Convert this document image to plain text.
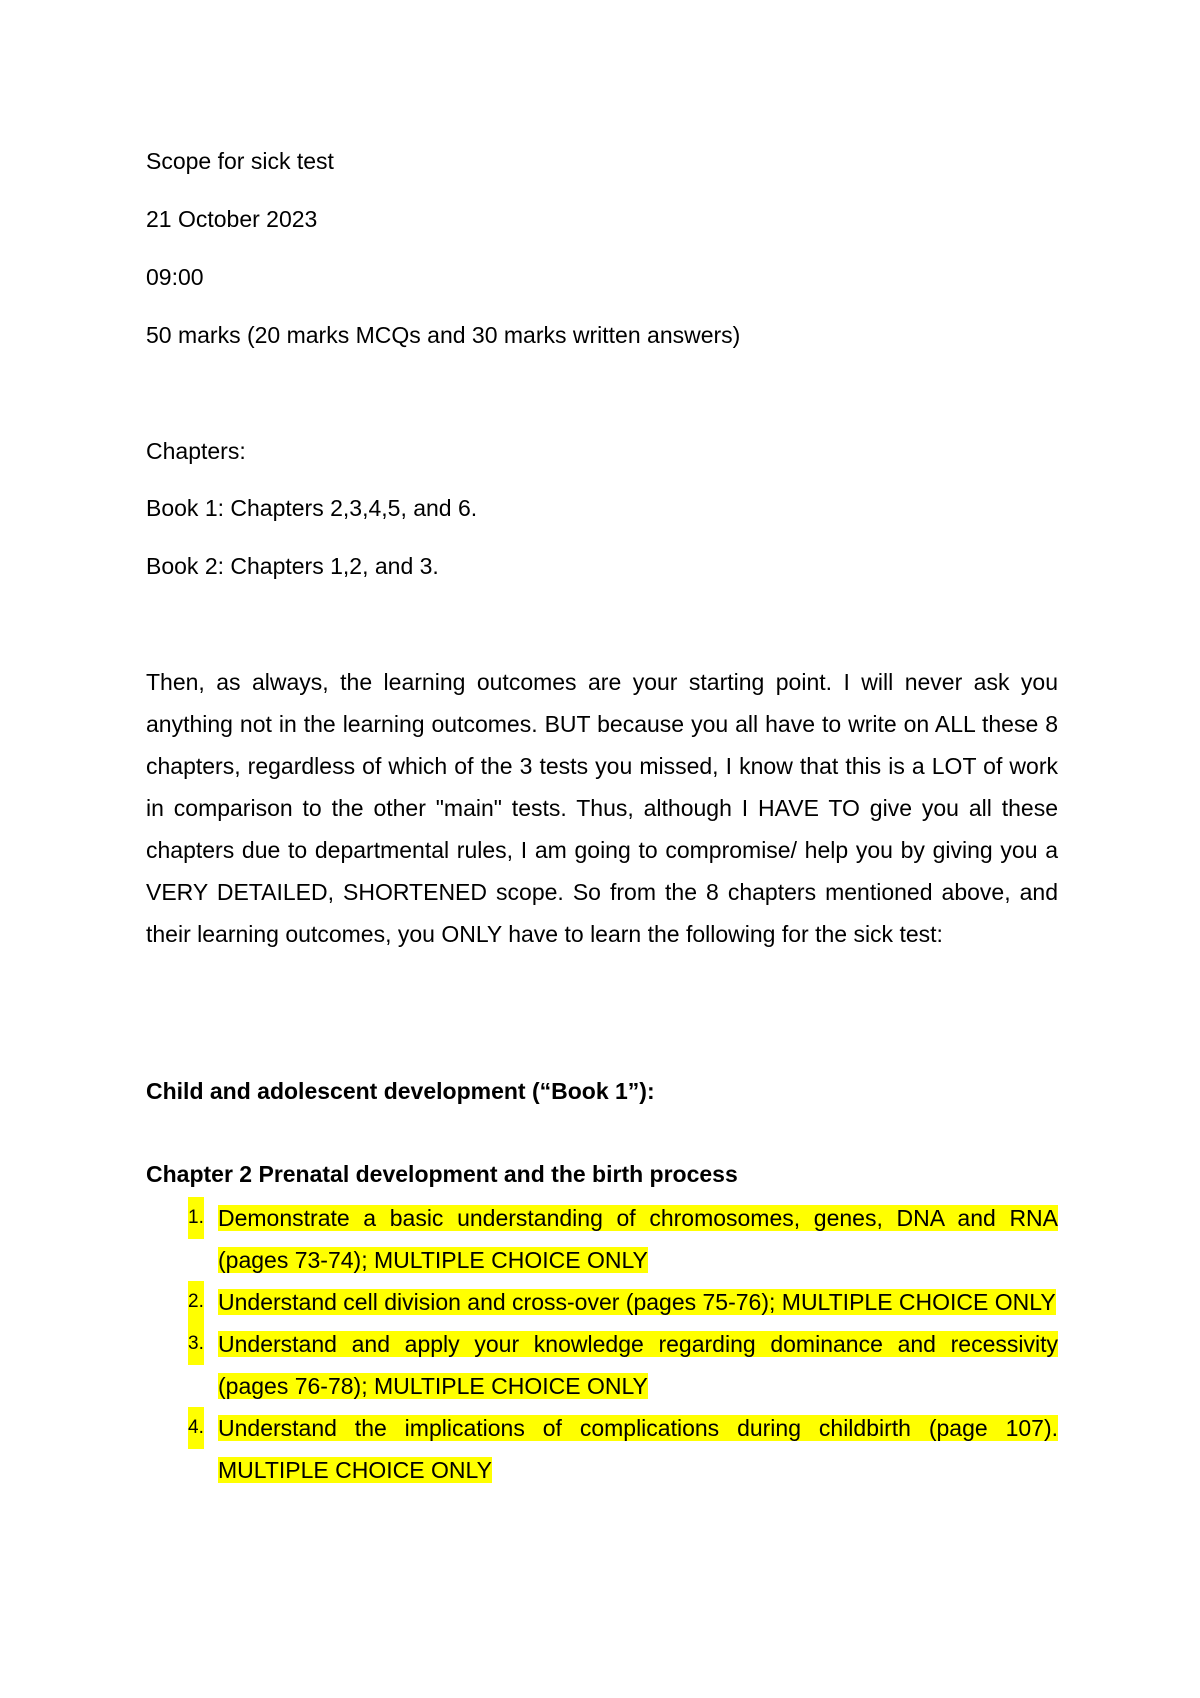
Scope for sick test
21 October 2023
09:00
50 marks (20 marks MCQs and 30 marks written answers)
Chapters:
Book 1: Chapters 2,3,4,5, and 6.
Book 2: Chapters 1,2, and 3.
Then, as always, the learning outcomes are your starting point. I will never ask you anything not in the learning outcomes. BUT because you all have to write on ALL these 8 chapters, regardless of which of the 3 tests you missed, I know that this is a LOT of work in comparison to the other "main" tests. Thus, although I HAVE TO give you all these chapters due to departmental rules, I am going to compromise/ help you by giving you a VERY DETAILED, SHORTENED scope. So from the 8 chapters mentioned above, and their learning outcomes, you ONLY have to learn the following for the sick test:
Child and adolescent development (“Book 1”):
Chapter 2 Prenatal development and the birth process
1. Demonstrate a basic understanding of chromosomes, genes, DNA and RNA (pages 73-74); MULTIPLE CHOICE ONLY
2. Understand cell division and cross-over (pages 75-76); MULTIPLE CHOICE ONLY
3. Understand and apply your knowledge regarding dominance and recessivity (pages 76-78); MULTIPLE CHOICE ONLY
4. Understand the implications of complications during childbirth (page 107). MULTIPLE CHOICE ONLY
